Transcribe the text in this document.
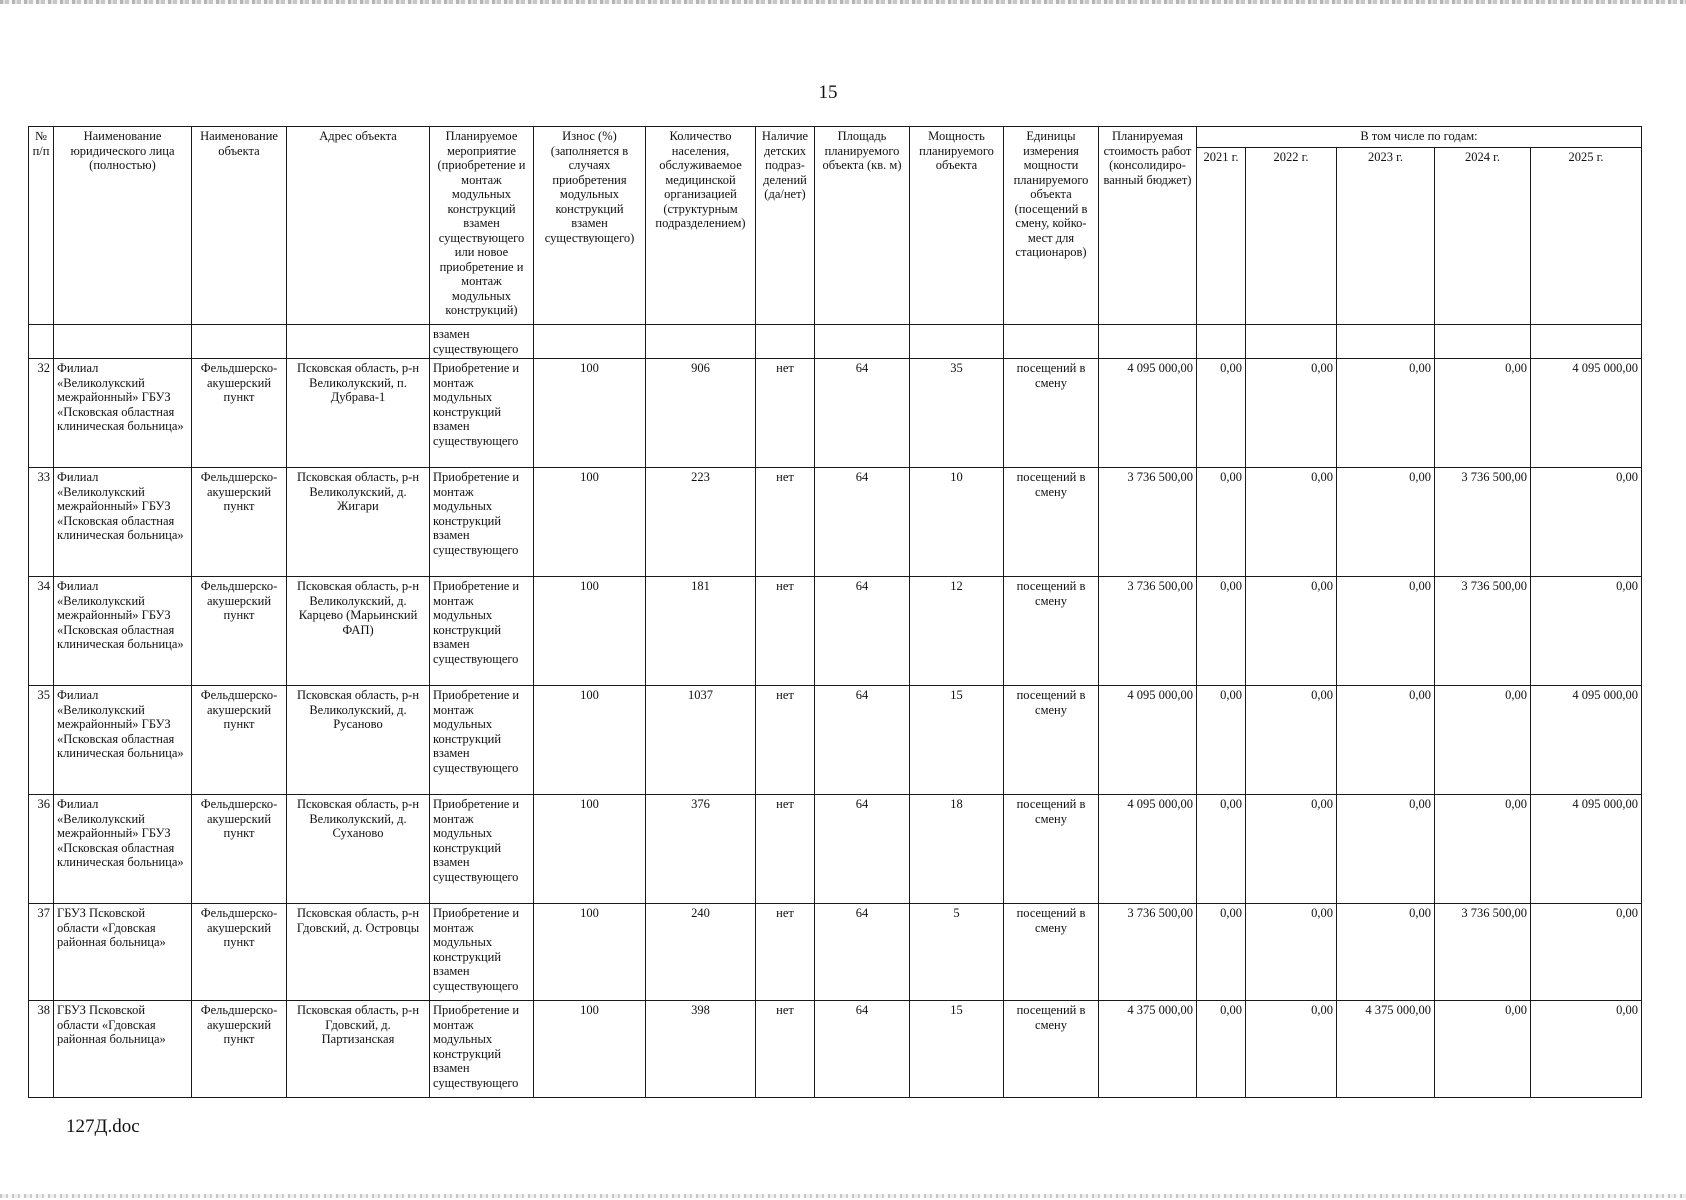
15
№ п/п	Наименование юридического лица (полностью)	Наименование объекта	Адрес объекта	Планируемое мероприятие (приобретение и монтаж модульных конструкций взамен существующего или новое приобретение и монтаж модульных конструкций)	Износ (%) (заполняется в случаях приобретения модульных конструкций взамен существующего)	Количество населения, обслуживаемое медицинской организацией (структурным подразделением)	Наличие детских подраз-делений (да/нет)	Площадь планируемого объекта (кв. м)	Мощность планируемого объекта	Единицы измерения мощности планируемого объекта (посещений в смену, койко-мест для стационаров)	Планируемая стоимость работ (консолидиро-ванный бюджет)	В том числе по годам:				
												2021 г.	2022 г.	2023 г.	2024 г.	2025 г.
				взамен существующего												
32	Филиал «Великолукский межрайонный» ГБУЗ «Псковская областная клиническая больница»	Фельдшерско-акушерский пункт	Псковская область, р-н Великолукский, п. Дубрава-1	Приобретение и монтаж модульных конструкций взамен существующего	100	906	нет	64	35	посещений в смену	4 095 000,00	0,00	0,00	0,00	0,00	4 095 000,00
33	Филиал «Великолукский межрайонный» ГБУЗ «Псковская областная клиническая больница»	Фельдшерско-акушерский пункт	Псковская область, р-н Великолукский, д. Жигари	Приобретение и монтаж модульных конструкций взамен существующего	100	223	нет	64	10	посещений в смену	3 736 500,00	0,00	0,00	0,00	3 736 500,00	0,00
34	Филиал «Великолукский межрайонный» ГБУЗ «Псковская областная клиническая больница»	Фельдшерско-акушерский пункт	Псковская область, р-н Великолукский, д. Карцево (Марьинский ФАП)	Приобретение и монтаж модульных конструкций взамен существующего	100	181	нет	64	12	посещений в смену	3 736 500,00	0,00	0,00	0,00	3 736 500,00	0,00
35	Филиал «Великолукский межрайонный» ГБУЗ «Псковская областная клиническая больница»	Фельдшерско-акушерский пункт	Псковская область, р-н Великолукский, д. Русаново	Приобретение и монтаж модульных конструкций взамен существующего	100	1037	нет	64	15	посещений в смену	4 095 000,00	0,00	0,00	0,00	0,00	4 095 000,00
36	Филиал «Великолукский межрайонный» ГБУЗ «Псковская областная клиническая больница»	Фельдшерско-акушерский пункт	Псковская область, р-н Великолукский, д. Суханово	Приобретение и монтаж модульных конструкций взамен существующего	100	376	нет	64	18	посещений в смену	4 095 000,00	0,00	0,00	0,00	0,00	4 095 000,00
37	ГБУЗ Псковской области «Гдовская районная больница»	Фельдшерско-акушерский пункт	Псковская область, р-н Гдовский, д. Островцы	Приобретение и монтаж модульных конструкций взамен существующего	100	240	нет	64	5	посещений в смену	3 736 500,00	0,00	0,00	0,00	3 736 500,00	0,00
38	ГБУЗ Псковской области «Гдовская районная больница»	Фельдшерско-акушерский пункт	Псковская область, р-н Гдовский, д. Партизанская	Приобретение и монтаж модульных конструкций взамен существующего	100	398	нет	64	15	посещений в смену	4 375 000,00	0,00	0,00	4 375 000,00	0,00	0,00
127Д.doc
